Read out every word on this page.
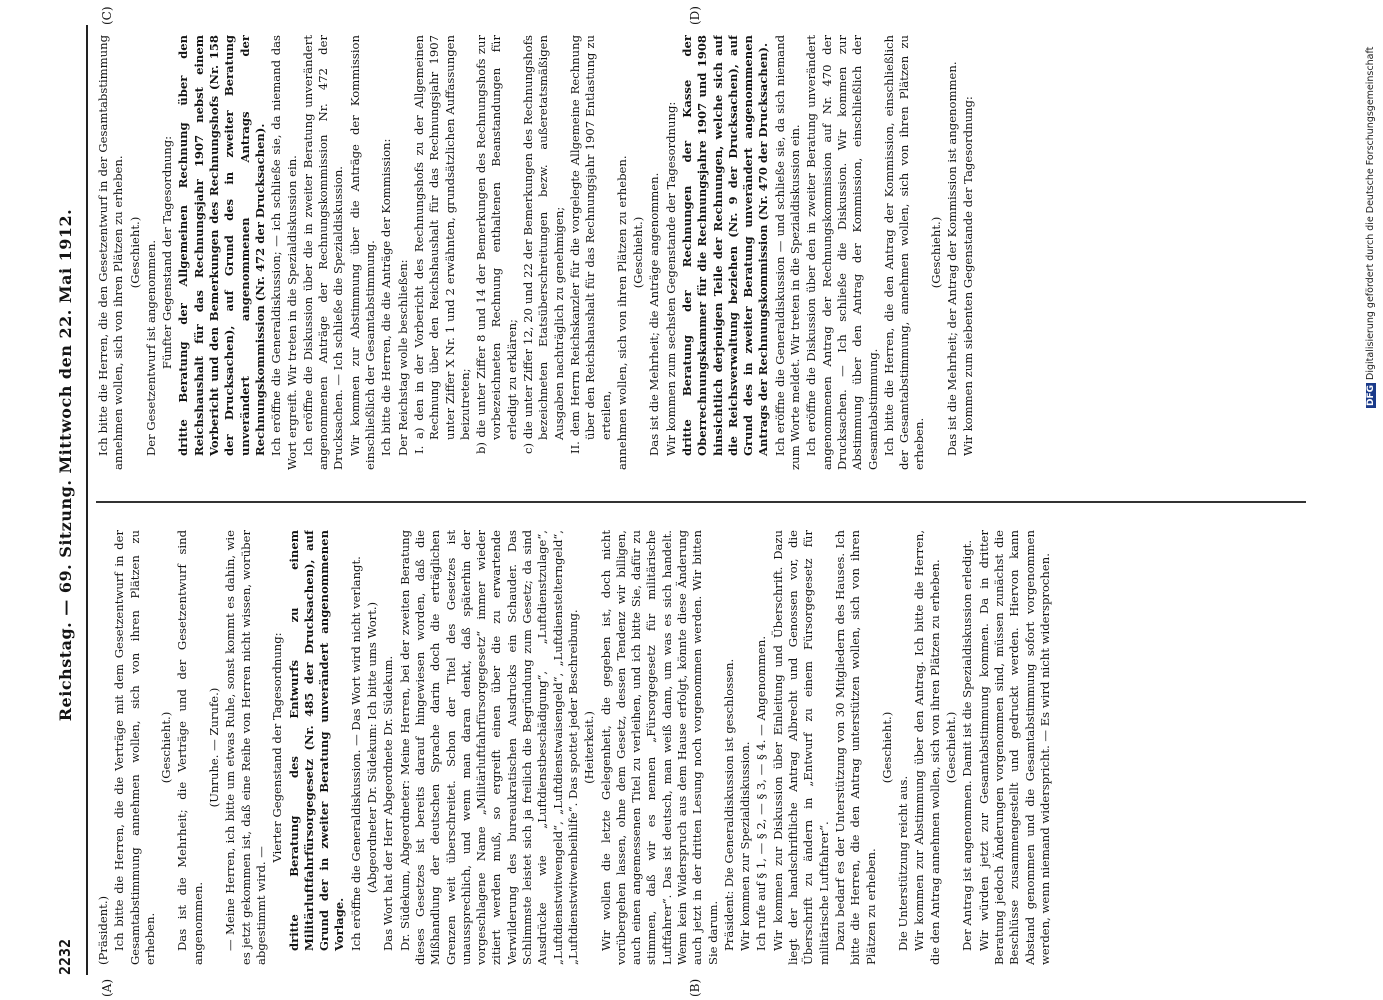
2232
Reichstag. — 69. Sitzung. Mittwoch den 22. Mai 1912.
(A)	(B)
(C)	(D)

(Präsident.) Ich bitte die Herren, die die Verträge mit dem Gesetzentwurf in der Gesamtabstimmung annehmen wollen, sich von ihren Plätzen zu erheben.

(Geschieht.) Das ist die Mehrheit; die Verträge und der Gesetzentwurf sind angenommen.

(Unruhe. — Zurufe.) — Meine Herren, ich bitte um etwas Ruhe, sonst kommt es dahin, wie es jetzt gekommen ist, daß eine Reihe von Herren nicht wissen, worüber abgestimmt wird. —

Vierter Gegenstand der Tagesordnung: dritte Beratung des Entwurfs zu einem Militärluftfahrfürsorgegesetz (Nr. 485 der Drucksachen), auf Grund der in zweiter Beratung unverändert angenommenen Vorlage. Ich eröffne die Generaldiskussion. — Das Wort wird nicht verlangt. (Abgeordneter Dr. Südekum: Ich bitte ums Wort.) Das Wort hat der Herr Abgeordnete Dr. Südekum. Dr. Südekum, Abgeordneter: Meine Herren, bei der zweiten Beratung dieses Gesetzes ist bereits darauf hingewiesen worden, daß die Mißhandlung der deutschen Sprache darin doch die erträglichen Grenzen weit überschreitet. Schon der Titel des Gesetzes ist unaussprechlich, und wenn man daran denkt, daß späterhin der vorgeschlagene Name „Militärluftfahrfürsorgegesetz“ immer wieder zitiert werden muß, so ergreift einen über die zu erwartende Verwilderung des bureaukratischen Ausdrucks ein Schauder. Das Schlimmste leistet sich ja freilich die Begründung zum Gesetz; da sind Ausdrücke wie „Luftdienstbeschädigung“, „Luftdienstzulage“, „Luftdienstwitwengeld“, „Luftdienstwaisengeld“, „Luftdienstelterngeld“, „Luftdienstwitwenbeihilfe“. Das spottet jeder Beschreibung. (Heiterkeit.) Wir wollen die letzte Gelegenheit, die gegeben ist, doch nicht vorübergehen lassen, ohne dem Gesetz, dessen Tendenz wir billigen, auch einen angemessenen Titel zu verleihen, und ich bitte Sie, dafür zu stimmen, daß wir es nennen „Fürsorgegesetz für militärische Luftfahrer“. Das ist deutsch, man weiß dann, um was es sich handelt. Wenn kein Widerspruch aus dem Hause erfolgt, könnte diese Änderung auch jetzt in der dritten Lesung noch vorgenommen werden. Wir bitten Sie darum. Präsident: Die Generaldiskussion ist geschlossen. Wir kommen zur Spezialdiskussion. Ich rufe auf § 1, — § 2, — § 3, — § 4. — Angenommen. Wir kommen zur Diskussion über Einleitung und Überschrift. Dazu liegt der handschriftliche Antrag Albrecht und Genossen vor, die Überschrift zu ändern in „Entwurf zu einem Fürsorgegesetz für militärische Luftfahrer“. Dazu bedarf es der Unterstützung von 30 Mitgliedern des Hauses. Ich bitte die Herren, die den Antrag unterstützen wollen, sich von ihren Plätzen zu erheben.

(Geschieht.)

Die Unterstützung reicht aus. Wir kommen zur Abstimmung über den Antrag. Ich bitte die Herren, die den Antrag annehmen wollen, sich von ihren Plätzen zu erheben. (Geschieht.) Der Antrag ist angenommen. Damit ist die Spezialdiskussion erledigt. Wir würden jetzt zur Gesamtabstimmung kommen. Da in dritter Beratung jedoch Änderungen vorgenommen sind, müssen zunächst die Beschlüsse zusammengestellt und gedruckt werden. Hiervon kann Abstand genommen und die Gesamtabstimmung sofort vorgenommen werden, wenn niemand widerspricht. — Es wird nicht widersprochen.

Ich bitte die Herren, die den Gesetzentwurf in der Gesamtabstimmung annehmen wollen, sich von ihren Plätzen zu erheben. (Geschieht.) Der Gesetzentwurf ist angenommen. Fünfter Gegenstand der Tagesordnung: dritte Beratung der Allgemeinen Rechnung über den Reichshaushalt für das Rechnungsjahr 1907 nebst einem Vorbericht und den Bemerkungen des Rechnungshofs (Nr. 158 der Drucksachen), auf Grund des in zweiter Beratung unverändert angenommenen Antrags der Rechnungskommission (Nr. 472 der Drucksachen). Ich eröffne die Generaldiskussion; — ich schließe sie, da niemand das Wort ergreift. Wir treten in die Spezialdiskussion ein. Ich eröffne die Diskussion über die in zweiter Beratung unverändert angenommenen Anträge der Rechnungskommission Nr. 472 der Drucksachen. — Ich schließe die Spezialdiskussion. Wir kommen zur Abstimmung über die Anträge der Kommission einschließlich der Gesamtabstimmung. Ich bitte die Herren, die die Anträge der Kommission: Der Reichstag wolle beschließen: I. a) den in der Vorbericht des Rechnungshofs zu der Allgemeinen Rechnung über den Reichshaushalt für das Rechnungsjahr 1907 unter Ziffer X Nr. 1 und 2 erwähnten, grundsätzlichen Auffassungen beizutreten; b) die unter Ziffer 8 und 14 der Bemerkungen des Rechnungshofs zur vorbezeichneten Rechnung enthaltenen Beanstandungen für erledigt zu erklären; c) die unter Ziffer 12, 20 und 22 der Bemerkungen des Rechnungshofs bezeichneten Etatsüberschreitungen bezw. außeretatsmäßigen Ausgaben nachträglich zu genehmigen; II. dem Herrn Reichskanzler für die vorgelegte Allgemeine Rechnung über den Reichshaushalt für das Rechnungsjahr 1907 Entlastung zu erteilen, annehmen wollen, sich von ihren Plätzen zu erheben. (Geschieht.) Das ist die Mehrheit; die Anträge angenommen. Wir kommen zum sechsten Gegenstande der Tagesordnung: dritte Beratung der Rechnungen der Kasse der Oberrechnungskammer für die Rechnungsjahre 1907 und 1908 hinsichtlich derjenigen Teile der Rechnungen, welche sich auf die Reichsverwaltung beziehen (Nr. 9 der Drucksachen), auf Grund des in zweiter Beratung unverändert angenommenen Antrags der Rechnungskommission (Nr. 470 der Drucksachen). Ich eröffne die Generaldiskussion — und schließe sie, da sich niemand zum Worte meldet. Wir treten in die Spezialdiskussion ein. Ich eröffne die Diskussion über den in zweiter Beratung unverändert angenommenen Antrag der Rechnungskommission auf Nr. 470 der Drucksachen. — Ich schließe die Diskussion. Wir kommen zur Abstimmung über den Antrag der Kommission, einschließlich der Gesamtabstimmung. Ich bitte die Herren, die den Antrag der Kommission, einschließlich der Gesamtabstimmung, annehmen wollen, sich von ihren Plätzen zu erheben.

(Geschieht.) Das ist die Mehrheit; der Antrag der Kommission ist angenommen. Wir kommen zum siebenten Gegenstande der Tagesordnung:	DFG Digitalisierung gefördert durch die Deutsche Forschungsgemeinschaft
